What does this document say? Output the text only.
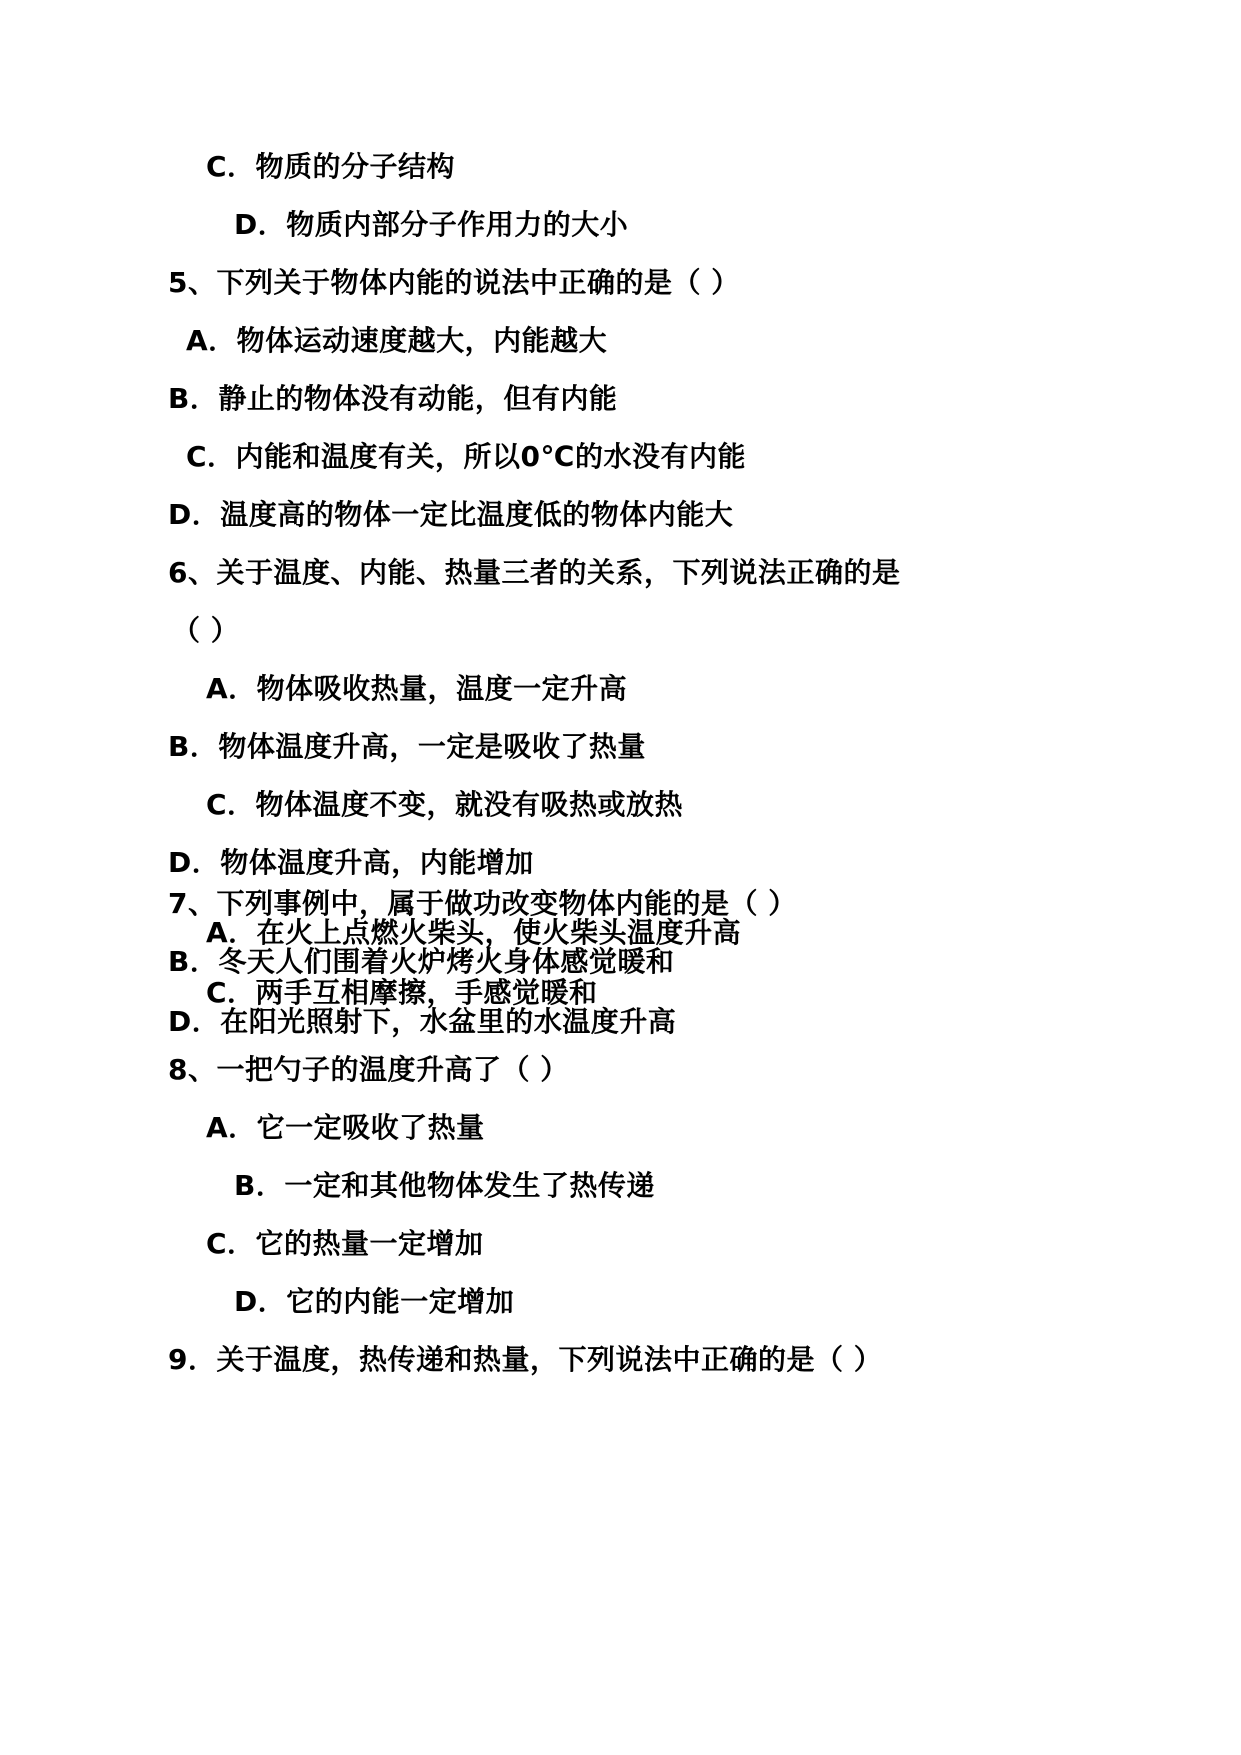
C．物质的分子结构
D．物质内部分子作用力的大小
5、下列关于物体内能的说法中正确的是（ ）
A．物体运动速度越大，内能越大
B．静止的物体没有动能，但有内能
C．内能和温度有关，所以0℃的水没有内能
D．温度高的物体一定比温度低的物体内能大
6、关于温度、内能、热量三者的关系，下列说法正确的是
（ ）
A．物体吸收热量，温度一定升高
B．物体温度升高，一定是吸收了热量
C．物体温度不变，就没有吸热或放热
D．物体温度升高，内能增加
7、下列事例中，属于做功改变物体内能的是（ ）
A．在火上点燃火柴头，使火柴头温度升高
B．冬天人们围着火炉烤火身体感觉暖和
C．两手互相摩擦，手感觉暖和
D．在阳光照射下，水盆里的水温度升高
8、一把勺子的温度升高了（ ）
A．它一定吸收了热量
B．一定和其他物体发生了热传递
C．它的热量一定增加
D．它的内能一定增加
9．关于温度，热传递和热量，下列说法中正确的是（ ）
